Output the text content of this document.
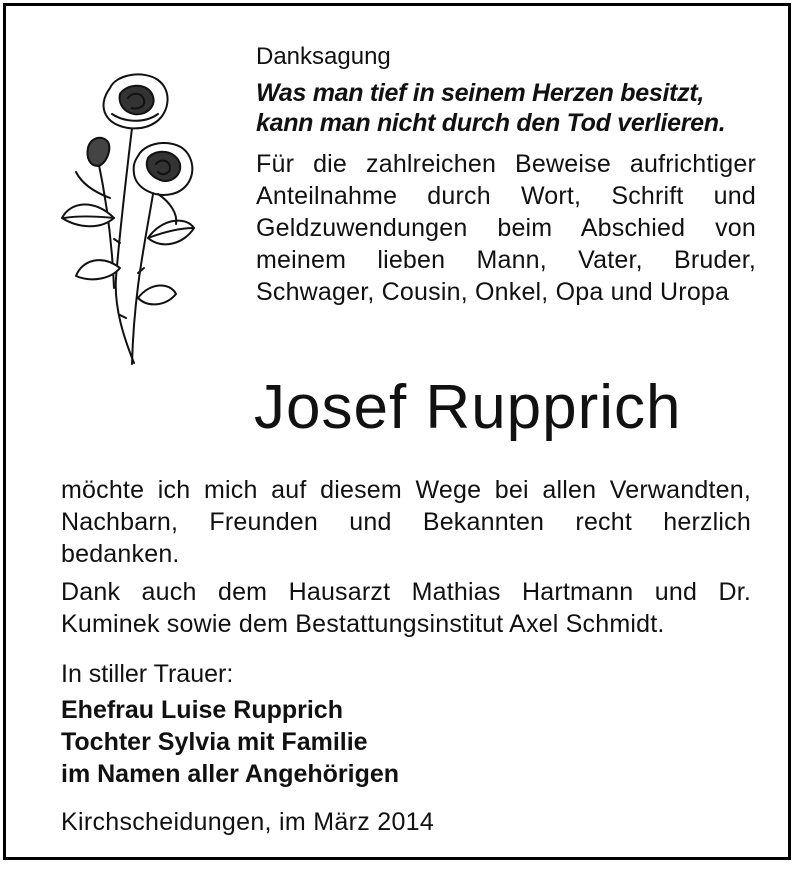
Danksagung

Was man tief in seinem Herzen besitzt,
kann man nicht durch den Tod verlieren.

Für die zahlreichen Beweise aufrichtiger Anteilnahme durch Wort, Schrift und Geldzuwendungen beim Abschied von meinem lieben Mann, Vater, Bruder, Schwager, Cousin, Onkel, Opa und Uropa

Josef Rupprich

möchte ich mich auf diesem Wege bei allen Verwandten, Nachbarn, Freunden und Bekannten recht herzlich bedanken.

Dank auch dem Hausarzt Mathias Hartmann und Dr. Kuminek sowie dem Bestattungsinstitut Axel Schmidt.

In stiller Trauer:

Ehefrau Luise Rupprich

Tochter Sylvia mit Familie

im Namen aller Angehörigen

Kirchscheidungen, im März 2014
